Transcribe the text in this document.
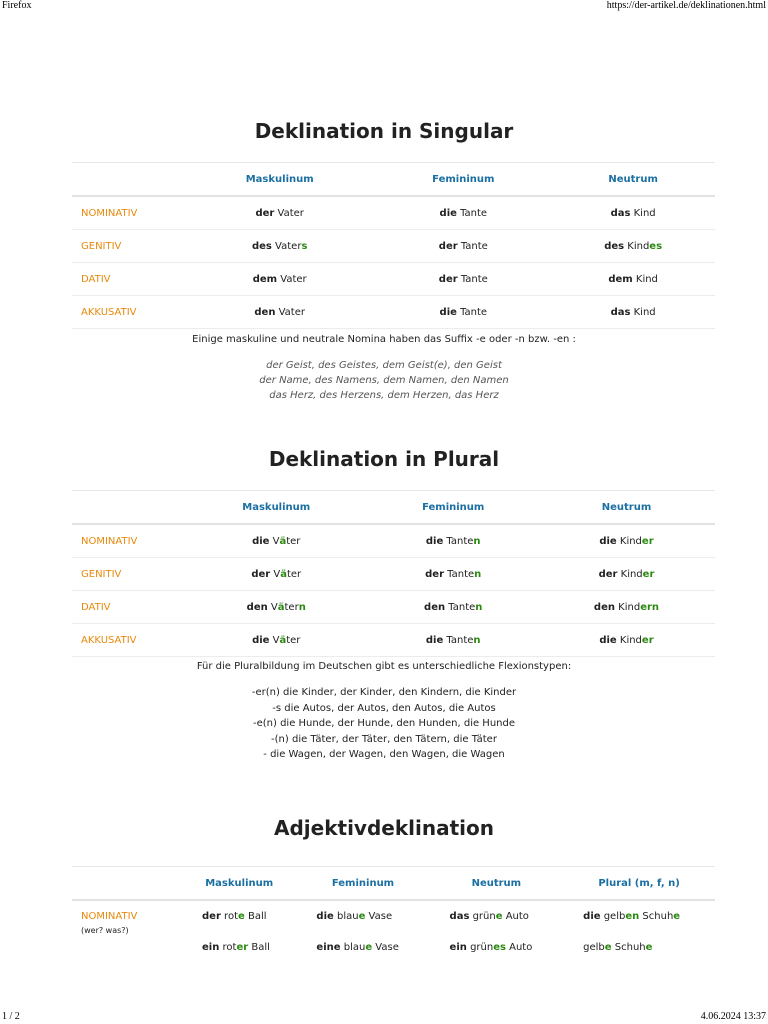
Firefox	https://der-artikel.de/deklinationen.html
Deklination in Singular
	Maskulinum	Femininum	Neutrum
NOMINATIV	der Vater	die Tante	das Kind
GENITIV	des Vaters	der Tante	des Kindes
DATIV	dem Vater	der Tante	dem Kind
AKKUSATIV	den Vater	die Tante	das Kind
Einige maskuline und neutrale Nomina haben das Suffix -e oder -n bzw. -en :
der Geist, des Geistes, dem Geist(e), den Geist
der Name, des Namens, dem Namen, den Namen
das Herz, des Herzens, dem Herzen, das Herz
Deklination in Plural
	Maskulinum	Femininum	Neutrum
NOMINATIV	die Väter	die Tanten	die Kinder
GENITIV	der Väter	der Tanten	der Kinder
DATIV	den Vätern	den Tanten	den Kindern
AKKUSATIV	die Väter	die Tanten	die Kinder
Für die Pluralbildung im Deutschen gibt es unterschiedliche Flexionstypen:
-er(n) die Kinder, der Kinder, den Kindern, die Kinder
-s die Autos, der Autos, den Autos, die Autos
-e(n) die Hunde, der Hunde, den Hunden, die Hunde
-(n) die Täter, der Täter, den Tätern, die Täter
- die Wagen, der Wagen, den Wagen, die Wagen
Adjektivdeklination
	Maskulinum	Femininum	Neutrum	Plural (m, f, n)
NOMINATIV
(wer? was?)	der rote Ball	die blaue Vase	das grüne Auto	die gelben Schuhe
	ein roter Ball	eine blaue Vase	ein grünes Auto	gelbe Schuhe
1 / 2	4.06.2024 13:37
